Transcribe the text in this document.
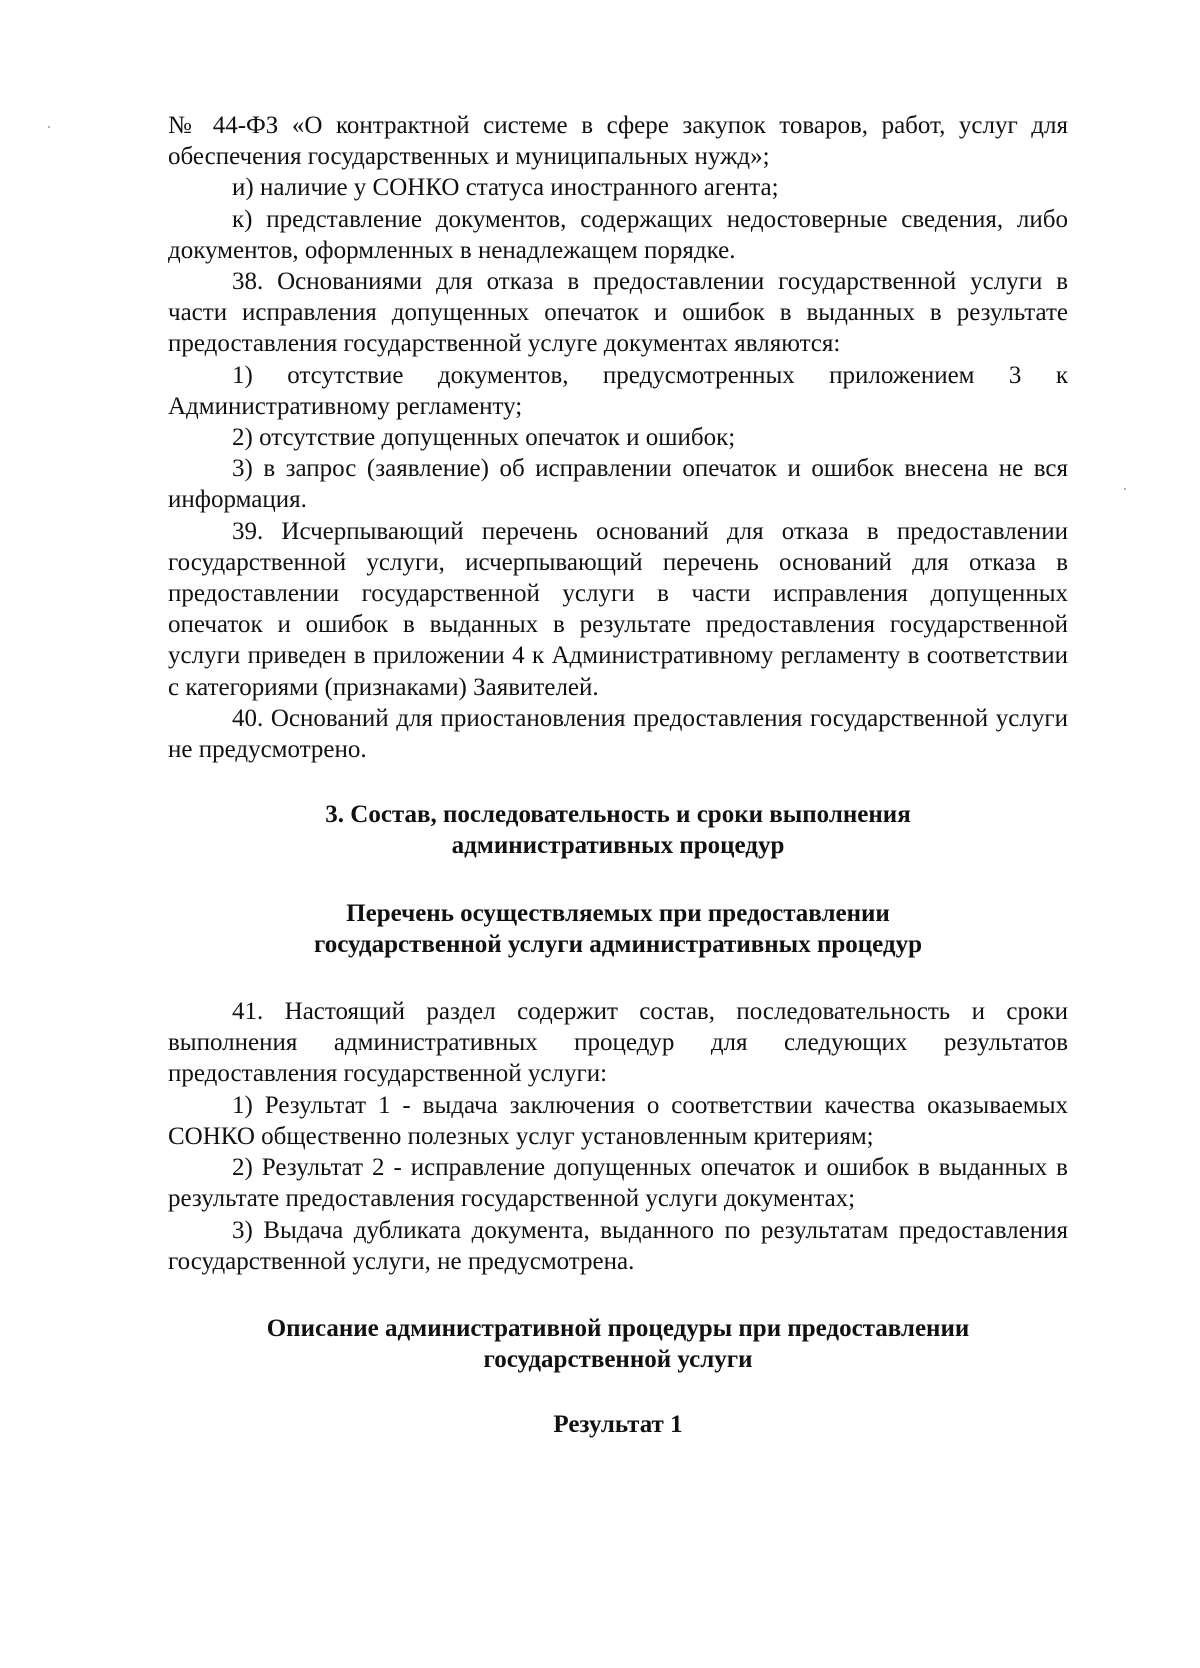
№ 44-ФЗ «О контрактной системе в сфере закупок товаров, работ, услуг для обеспечения государственных и муниципальных нужд»;

и) наличие у СОНКО статуса иностранного агента;

к) представление документов, содержащих недостоверные сведения, либо документов, оформленных в ненадлежащем порядке.

38. Основаниями для отказа в предоставлении государственной услуги в части исправления допущенных опечаток и ошибок в выданных в результате предоставления государственной услуге документах являются:

1) отсутствие документов, предусмотренных приложением 3 к Административному регламенту;

2) отсутствие допущенных опечаток и ошибок;

3) в запрос (заявление) об исправлении опечаток и ошибок внесена не вся информация.

39. Исчерпывающий перечень оснований для отказа в предоставлении государственной услуги, исчерпывающий перечень оснований для отказа в предоставлении государственной услуги в части исправления допущенных опечаток и ошибок в выданных в результате предоставления государственной услуги приведен в приложении 4 к Административному регламенту в соответствии с категориями (признаками) Заявителей.

40. Оснований для приостановления предоставления государственной услуги не предусмотрено.

3. Состав, последовательность и сроки выполнения
административных процедур
Перечень осуществляемых при предоставлении
государственной услуги административных процедур

41. Настоящий раздел содержит состав, последовательность и сроки выполнения административных процедур для следующих результатов предоставления государственной услуги:

1) Результат 1 - выдача заключения о соответствии качества оказываемых СОНКО общественно полезных услуг установленным критериям;

2) Результат 2 - исправление допущенных опечаток и ошибок в выданных в результате предоставления государственной услуги документах;

3) Выдача дубликата документа, выданного по результатам предоставления государственной услуги, не предусмотрена.

Описание административной процедуры при предоставлении
государственной услуги
Результат 1
